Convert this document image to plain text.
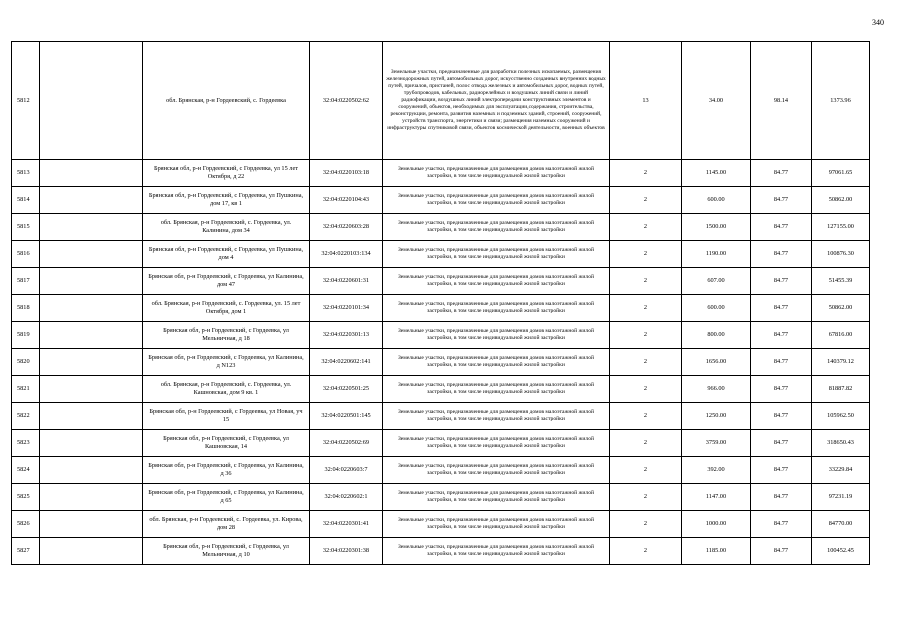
340
5812		обл. Брянская, р-н Гордеевский, с. Гордеевка	32:04:0220502:62	Земельные участки, предназначенные для разработки полезных ископаемых, размещения железнодорожных путей, автомобильных дорог, искусственно созданных внутренних водных путей, причалов, пристаней, полос отвода железных и автомобильных дорог, водных путей, трубопроводов, кабельных, радиорелейных и воздушных линий связи и линий радиофикации, воздушных линий электропередачи конструктивных элементов и сооружений, объектов, необходимых для эксплуатации,содержания, строительства, реконструкции, ремонта, развития наземных и подземных зданий, строений, сооружений, устройств транспорта, энергетики и связи; размещения наземных сооружений и инфраструктуры спутниковой связи, объектов космической деятельности, военных объектов	13	34.00	98.14	1373.96
5813		Брянская обл, р-н Гордеевский, с Гордеевка, ул 15 лет Октября, д 22	32:04:0220103:18	Земельные участки, предназначенные для размещения домов малоэтажной жилой застройки, в том числе индивидуальной жилой застройки	2	1145.00	84.77	97061.65
5814		Брянская обл, р-н Гордеевский, с Гордеевка, ул Пушкина, дом 17, кв 1	32:04:0220104:43	Земельные участки, предназначенные для размещения домов малоэтажной жилой застройки, в том числе индивидуальной жилой застройки	2	600.00	84.77	50862.00
5815		обл. Брянская, р-н Гордеевский, с. Гордеевка, ул. Калинина, дом 34	32:04:0220603:28	Земельные участки, предназначенные для размещения домов малоэтажной жилой застройки, в том числе индивидуальной жилой застройки	2	1500.00	84.77	127155.00
5816		Брянская обл, р-н Гордеевский, с Гордеевка, ул Пушкина, дом 4	32:04:0220103:134	Земельные участки, предназначенные для размещения домов малоэтажной жилой застройки, в том числе индивидуальной жилой застройки	2	1190.00	84.77	100876.30
5817		Брянская обл, р-н Гордеевский, с Гордеевка, ул Калинина, дом 47	32:04:0220601:31	Земельные участки, предназначенные для размещения домов малоэтажной жилой застройки, в том числе индивидуальной жилой застройки	2	607.00	84.77	51455.39
5818		обл. Брянская, р-н Гордеевский, с. Гордеевка, ул. 15 лет Октября, дом 1	32:04:0220101:34	Земельные участки, предназначенные для размещения домов малоэтажной жилой застройки, в том числе индивидуальной жилой застройки	2	600.00	84.77	50862.00
5819		Брянская обл, р-н Гордеевский, с Гордеевка, ул Мельничная, д 18	32:04:0220301:13	Земельные участки, предназначенные для размещения домов малоэтажной жилой застройки, в том числе индивидуальной жилой застройки	2	800.00	84.77	67816.00
5820		Брянская обл, р-н Гордеевский, с Гордеевка, ул Калинина, д N123	32:04:0220602:141	Земельные участки, предназначенные для размещения домов малоэтажной жилой застройки, в том числе индивидуальной жилой застройки	2	1656.00	84.77	140379.12
5821		обл. Брянская, р-н Гордеевский, с. Гордеевка, ул. Кашновская, дом 9 кв. 1	32:04:0220501:25	Земельные участки, предназначенные для размещения домов малоэтажной жилой застройки, в том числе индивидуальной жилой застройки	2	966.00	84.77	81887.82
5822		Брянская обл, р-н Гордеевский, с Гордеевка, ул Новая, уч 15	32:04:0220501:145	Земельные участки, предназначенные для размещения домов малоэтажной жилой застройки, в том числе индивидуальной жилой застройки	2	1250.00	84.77	105962.50
5823		Брянская обл, р-н Гордеевский, с Гордеевка, ул Кашновская, 14	32:04:0220502:69	Земельные участки, предназначенные для размещения домов малоэтажной жилой застройки, в том числе индивидуальной жилой застройки	2	3759.00	84.77	318650.43
5824		Брянская обл, р-н Гордеевский, с Гордеевка, ул Калинина, д 36	32:04:0220603:7	Земельные участки, предназначенные для размещения домов малоэтажной жилой застройки, в том числе индивидуальной жилой застройки	2	392.00	84.77	33229.84
5825		Брянская обл, р-н Гордеевский, с Гордеевка, ул Калинина, д 65	32:04:0220602:1	Земельные участки, предназначенные для размещения домов малоэтажной жилой застройки, в том числе индивидуальной жилой застройки	2	1147.00	84.77	97231.19
5826		обл. Брянская, р-н Гордеевский, с. Гордеевка, ул. Кирова, дом 28	32:04:0220301:41	Земельные участки, предназначенные для размещения домов малоэтажной жилой застройки, в том числе индивидуальной жилой застройки	2	1000.00	84.77	84770.00
5827		Брянская обл, р-н Гордеевский, с Гордеевка, ул Мельничная, д 10	32:04:0220301:38	Земельные участки, предназначенные для размещения домов малоэтажной жилой застройки, в том числе индивидуальной жилой застройки	2	1185.00	84.77	100452.45
